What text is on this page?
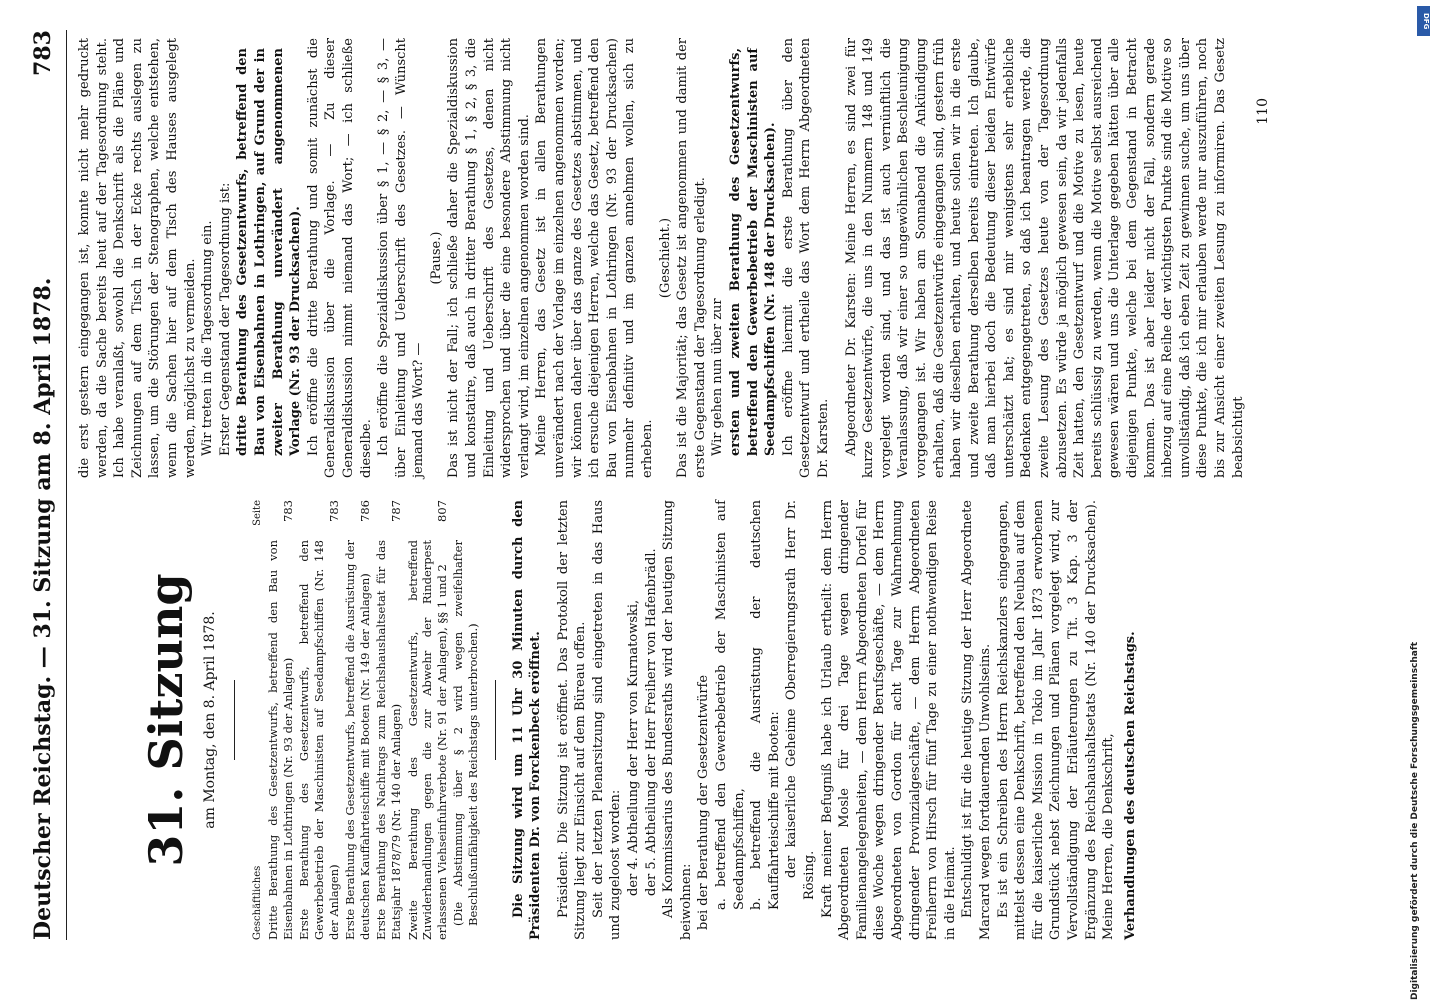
Deutscher Reichstag. — 31. Sitzung am 8. April 1878.
783

31. Sitzung am Montag, den 8. April 1878.

Geschäftliches
Seite

Dritte Berathung des Gesetzentwurfs, betreffend den Bau von Eisenbahnen in Lothringen (Nr. 93 der Anlagen)
783

Erste Berathung des Gesetzentwurfs, betreffend den Gewerbebetrieb der Maschinisten auf Seedampfschiffen (Nr. 148 der Anlagen)
783

Erste Berathung des Gesetzentwurfs, betreffend die Ausrüstung der deutschen Kauffahrteischiffe mit Booten (Nr. 149 der Anlagen)
786

Erste Berathung des Nachtrags zum Reichshaushaltsetat für das Etatsjahr 1878/79 (Nr. 140 der Anlagen)
787

Zweite Berathung des Gesetzentwurfs, betreffend Zuwiderhandlungen gegen die zur Abwehr der Rinderpest erlassenen Viehseinfuhrverbote (Nr. 91 der Anlagen), §§ 1 und 2
807

(Die Abstimmung über § 2 wird wegen zweifelhafter Beschlußunfähigkeit des Reichstags unterbrochen.) Die Sitzung wird um 11 Uhr 30 Minuten durch den Präsidenten Dr. von Forckenbeck eröffnet. Präsident: Die Sitzung ist eröffnet. Das Protokoll der letzten Sitzung liegt zur Einsicht auf dem Büreau offen. Seit der letzten Plenarsitzung sind eingetreten in das Haus und zugeloost worden: der 4. Abtheilung der Herr von Kurnatowski, der 5. Abtheilung der Herr Freiherr von Hafenbrädl. Als Kommissarius des Bundesraths wird der heutigen Sitzung beiwohnen: bei der Berathung der Gesetzentwürfe a. betreffend den Gewerbebetrieb der Maschinisten auf Seedampfschiffen, b. betreffend die Ausrüstung der deutschen Kauffahrteischiffe mit Booten: der kaiserliche Geheime Oberregierungsrath Herr Dr. Rösing. Kraft meiner Befugniß habe ich Urlaub ertheilt: dem Herrn Abgeordneten Mosle für drei Tage wegen dringender Familienangelegenheiten, — dem Herrn Abgeordneten Dorfel für diese Woche wegen dringender Berufsgeschäfte, — dem Herrn Abgeordneten von Gordon für acht Tage zur Wahrnehmung dringender Provinzialgeschäfte, — dem Herrn Abgeordneten Freiherrn von Hirsch für fünf Tage zu einer nothwendigen Reise in die Heimat. Entschuldigt ist für die heutige Sitzung der Herr Abgeordnete Marcard wegen fortdauernden Unwohlseins. Es ist ein Schreiben des Herrn Reichskanzlers eingegangen, mittelst dessen eine Denkschrift, betreffend den Neubau auf dem für die kaiserliche Mission in Tokio im Jahr 1873 erworbenen Grundstück nebst Zeichnungen und Plänen vorgelegt wird, zur Vervollständigung der Erläuterungen zu Tit. 3 Kap. 3 der Ergänzung des Reichshaushaltsetats (Nr. 140 der Drucksachen). Meine Herren, die Denkschrift, Verhandlungen des deutschen Reichstags.

die erst gestern eingegangen ist, konnte nicht mehr gedruckt werden, da die Sache bereits heut auf der Tagesordnung steht. Ich habe veranlaßt, sowohl die Denkschrift als die Pläne und Zeichnungen auf dem Tisch in der Ecke rechts auslegen zu lassen, um die Störungen der Stenographen, welche entstehen, wenn die Sachen hier auf dem Tisch des Hauses ausgelegt werden, möglichst zu vermeiden. Wir treten in die Tagesordnung ein. Erster Gegenstand der Tagesordnung ist: dritte Berathung des Gesetzentwurfs, betreffend den Bau von Eisenbahnen in Lothringen, auf Grund der in zweiter Berathung unverändert angenommenen Vorlage (Nr. 93 der Drucksachen). Ich eröffne die dritte Berathung und somit zunächst die Generaldiskussion über die Vorlage. — Zu dieser Generaldiskussion nimmt niemand das Wort; — ich schließe dieselbe. Ich eröffne die Spezialdiskussion über § 1, — § 2, — § 3, — über Einleitung und Ueberschrift des Gesetzes. — Wünscht jemand das Wort? —

(Pause.) Das ist nicht der Fall; ich schließe daher die Spezialdiskussion und konstatire, daß auch in dritter Berathung § 1, § 2, § 3, die Einleitung und Ueberschrift des Gesetzes, denen nicht widersprochen und über die eine besondere Abstimmung nicht verlangt wird, im einzelnen angenommen worden sind. Meine Herren, das Gesetz ist in allen Berathungen unverändert nach der Vorlage im einzelnen angenommen worden; wir können daher über das ganze des Gesetzes abstimmen, und ich ersuche diejenigen Herren, welche das Gesetz, betreffend den Bau von Eisenbahnen in Lothringen (Nr. 93 der Drucksachen) nunmehr definitiv und im ganzen annehmen wollen, sich zu erheben.

(Geschieht.) Das ist die Majorität; das Gesetz ist angenommen und damit der erste Gegenstand der Tagesordnung erledigt. Wir gehen nun über zur ersten und zweiten Berathung des Gesetzentwurfs, betreffend den Gewerbebetrieb der Maschinisten auf Seedampfschiffen (Nr. 148 der Drucksachen). Ich eröffne hiermit die erste Berathung über den Gesetzentwurf und ertheile das Wort dem Herrn Abgeordneten Dr. Karsten. Abgeordneter Dr. Karsten: Meine Herren, es sind zwei für kurze Gesetzentwürfe, die uns in den Nummern 148 und 149 vorgelegt worden sind, und das ist auch vernünftlich die Veranlassung, daß wir einer so ungewöhnlichen Beschleunigung vorgegangen ist. Wir haben am Sonnabend die Ankündigung erhalten, daß die Gesetzentwürfe eingegangen sind, gestern früh haben wir dieselben erhalten, und heute sollen wir in die erste und zweite Berathung derselben bereits eintreten. Ich glaube, daß man hierbei doch die Bedeutung dieser beiden Entwürfe unterschätzt hat; es sind mir wenigstens sehr erhebliche Bedenken entgegengetreten, so daß ich beantragen werde, die zweite Lesung des Gesetzes heute von der Tagesordnung abzusetzen. Es würde ja möglich gewesen sein, da wir jedenfalls Zeit hatten, den Gesetzentwurf und die Motive zu lesen, heute bereits schlüssig zu werden, wenn die Motive selbst ausreichend gewesen wären und uns die Unterlage gegeben hätten über alle diejenigen Punkte, welche bei dem Gegenstand in Betracht kommen. Das ist aber leider nicht der Fall, sondern gerade inbezug auf eine Reihe der wichtigsten Punkte sind die Motive so unvollständig, daß ich eben Zeit zu gewinnen suche, um uns über diese Punkte, die ich mir erlauben werde nur auszuführen, noch bis zur Ansicht einer zweiten Lesung zu informiren. Das Gesetz beabsichtigt

110

DFG
Digitalisierung gefördert durch die Deutsche Forschungsgemeinschaft
